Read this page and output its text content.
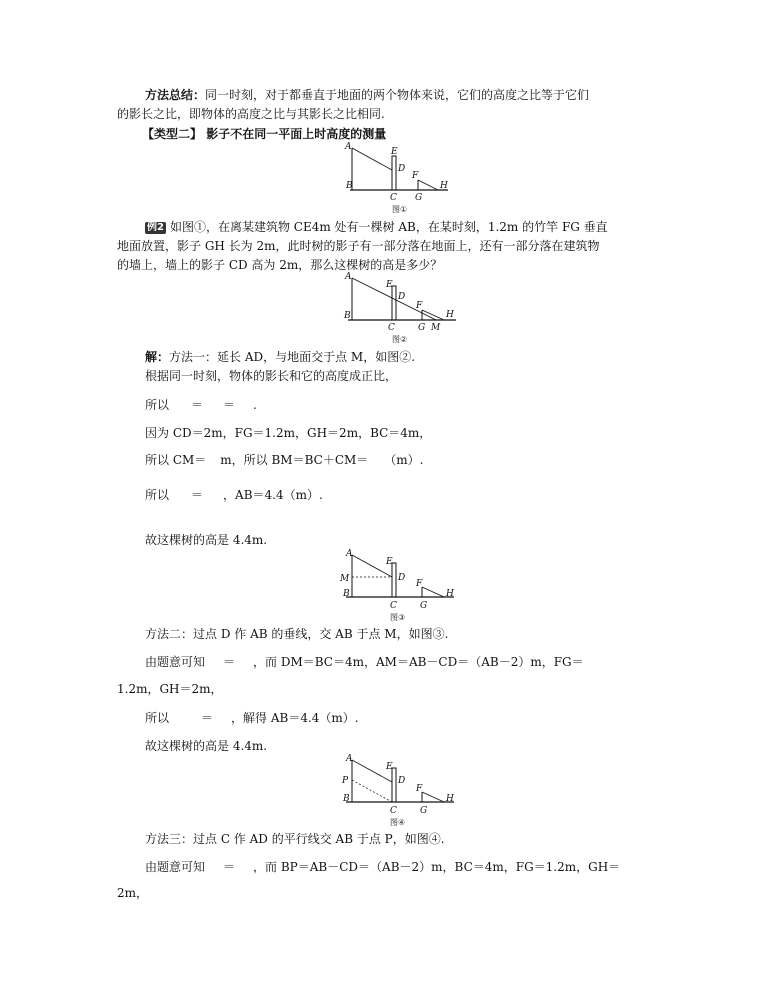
方法总结：同一时刻，对于都垂直于地面的两个物体来说，它们的高度之比等于它们
的影长之比，即物体的高度之比与其影长之比相同.
【类型二】 影子不在同一平面上时高度的测量
A	E
D
F
H
B
C G
图①
例2 如图①，在离某建筑物 CE4m 处有一棵树 AB，在某时刻，1.2m 的竹竿 FG 垂直
地面放置，影子 GH 长为 2m，此时树的影子有一部分落在地面上，还有一部分落在建筑物
的墙上，墙上的影子 CD 高为 2m，那么这棵树的高是多少？
A
E
D
F
H
B
C	G M
图②
解：方法一：延长 AD，与地面交于点 M，如图②.
根据同一时刻，物体的影长和它的高度成正比，
所以 ＝ ＝ .
因为 CD＝2m，FG＝1.2m，GH＝2m，BC＝4m，
所以 CM＝ m，所以 BM＝BC＋CM＝ （m）.
所以 ＝ ，AB＝4.4（m）.
故这棵树的高是 4.4m.
A
E
M	D
F
H
B
C	G
图③
方法二：过点 D 作 AB 的垂线，交 AB 于点 M，如图③.
由题意可知 ＝ ，而 DM＝BC＝4m，AM＝AB－CD＝（AB－2）m，FG＝
1.2m，GH＝2m，
所以	＝ ，解得 AB＝4.4（m）.
故这棵树的高是 4.4m.
A
E
P	D
F
H
B
C	G
图④
方法三：过点 C 作 AD 的平行线交 AB 于点 P，如图④.
由题意可知 ＝ ，而 BP＝AB－CD＝（AB－2）m，BC＝4m，FG＝1.2m，GH＝
2m，
